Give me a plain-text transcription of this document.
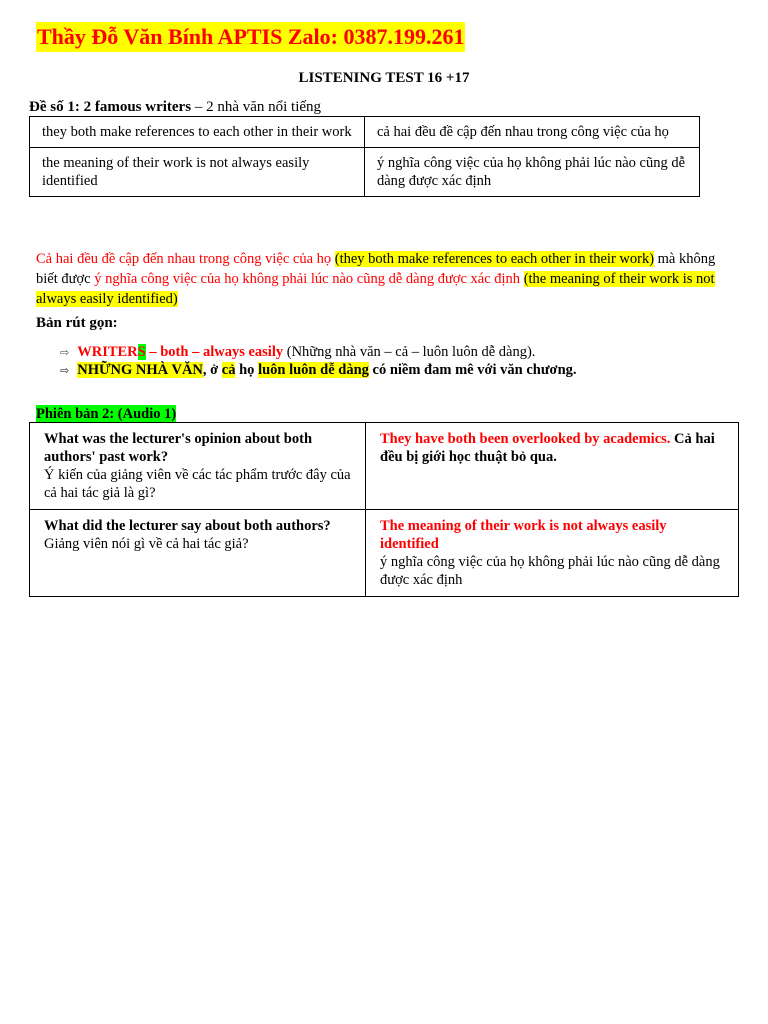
Thầy Đỗ Văn Bính APTIS Zalo: 0387.199.261
LISTENING TEST 16 +17
Đề số 1: 2 famous writers – 2 nhà văn nổi tiếng
they both make references to each other in their work	cả hai đều đề cập đến nhau trong công việc của họ
the meaning of their work is not always easily identified	ý nghĩa công việc của họ không phải lúc nào cũng dễ dàng được xác định
Cả hai đều đề cập đến nhau trong công việc của họ (they both make references to each other in their work) mà không biết được ý nghĩa công việc của họ không phải lúc nào cũng dễ dàng được xác định (the meaning of their work is not always easily identified)
Bản rút gọn:
⇨ WRITERS – both – always easily (Những nhà văn – cả – luôn luôn dễ dàng).
⇨ NHỮNG NHÀ VĂN, ở cả họ luôn luôn dễ dàng có niềm đam mê với văn chương.
Phiên bản 2: (Audio 1)
What was the lecturer's opinion about both authors' past work?
Ý kiến của giảng viên về các tác phẩm trước đây của cả hai tác giả là gì?	They have both been overlooked by academics. Cả hai đều bị giới học thuật bỏ qua.
What did the lecturer say about both authors? Giảng viên nói gì về cả hai tác giả?	The meaning of their work is not always easily identified
ý nghĩa công việc của họ không phải lúc nào cũng dễ dàng được xác định
